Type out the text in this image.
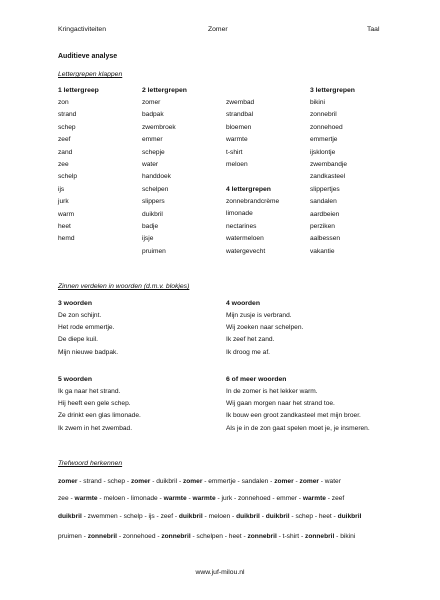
Kringactiviteiten	Zomer	Taal
Auditieve analyse
Lettergrepen klappen
1 lettergreep
zon
strand
schep
zeef
zand
zee
schelp
ijs
jurk
warm
heet
hemd
2 lettergrepen
zomer
badpak
zwembroek
emmer
schepje
water
handdoek
schelpen
slippers
duikbril
badje
ijsje
pruimen
zwembad
strandbal
bloemen
warmte
t-shirt
meloen
4 lettergrepen
zonnebrandcrème
limonade
nectarines
watermeloen
watergevecht
3 lettergrepen
bikini
zonnebril
zonnehoed
emmertje
ijsklontje
zwembandje
zandkasteel
slippertjes
sandalen
aardbeien
perziken
aalbessen
vakantie
Zinnen verdelen in woorden (d.m.v. blokjes)
3 woorden
De zon schijnt.
Het rode emmertje.
De diepe kuil.
Mijn nieuwe badpak.
4 woorden
Mijn zusje is verbrand.
Wij zoeken naar schelpen.
Ik zeef het zand.
Ik droog me af.
5 woorden
Ik ga naar het strand.
Hij heeft een gele schep.
Ze drinkt een glas limonade.
Ik zwem in het zwembad.
6 of meer woorden
In de zomer is het lekker warm.
Wij gaan morgen naar het strand toe.
Ik bouw een groot zandkasteel met mijn broer.
Als je in de zon gaat spelen moet je, je insmeren.
Trefwoord herkennen
zomer - strand - schep - zomer - duikbril - zomer - emmertje - sandalen - zomer - zomer - water
zee - warmte - meloen - limonade - warmte - warmte - jurk - zonnehoed - emmer - warmte - zeef
duikbril - zwemmen - schelp - ijs - zeef - duikbril - meloen - duikbril - duikbril - schep - heet - duikbril
pruimen - zonnebril - zonnehoed - zonnebril - schelpen - heet - zonnebril - t-shirt - zonnebril - bikini
www.juf-milou.nl
